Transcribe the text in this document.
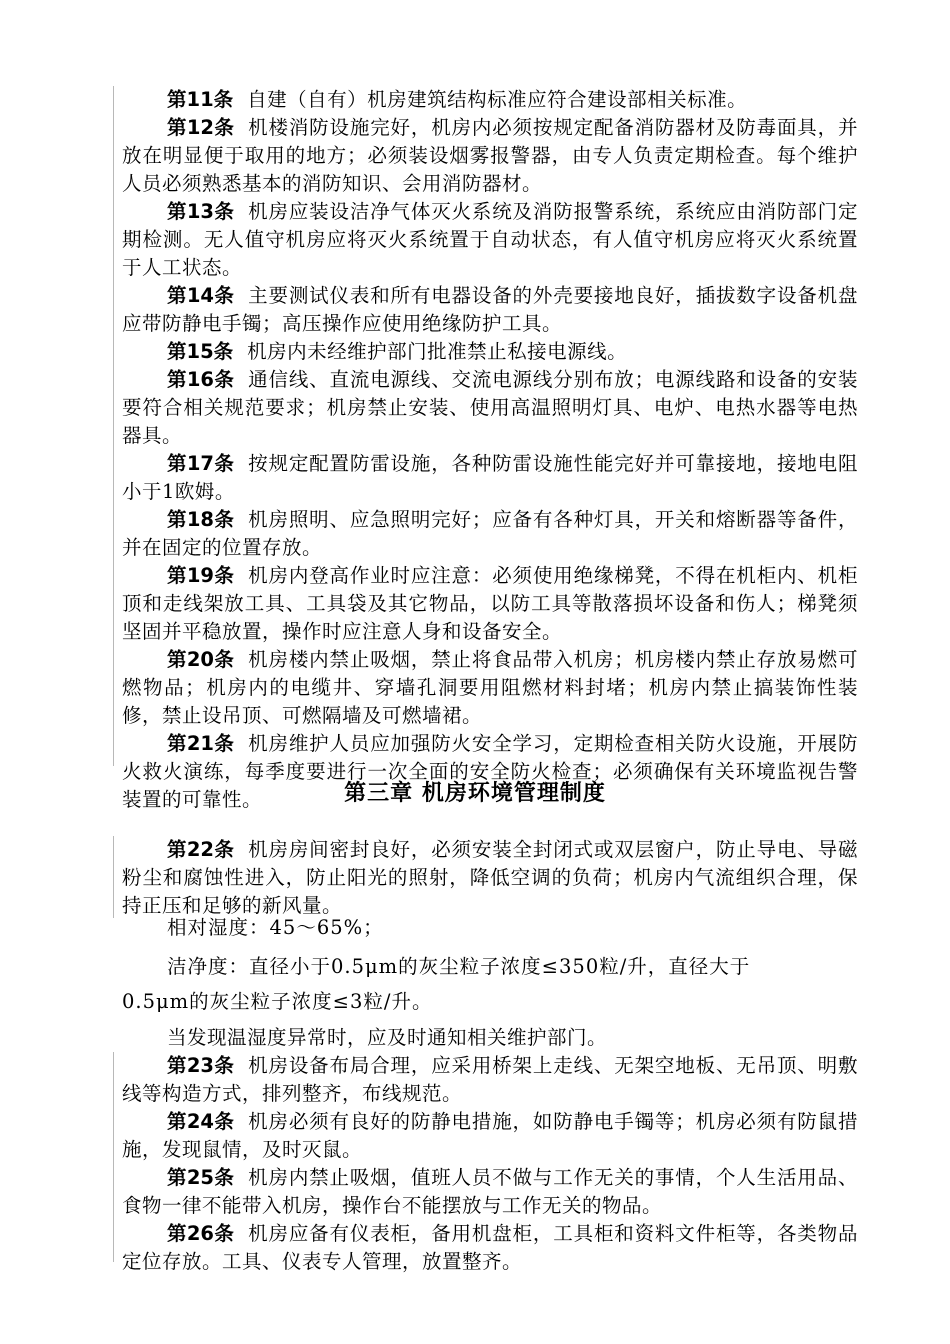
第11条 自建（自有）机房建筑结构标准应符合建设部相关标准。

第12条 机楼消防设施完好，机房内必须按规定配备消防器材及防毒面具，并放在明显便于取用的地方；必须装设烟雾报警器，由专人负责定期检查。每个维护人员必须熟悉基本的消防知识、会用消防器材。

第13条 机房应装设洁净气体灭火系统及消防报警系统，系统应由消防部门定期检测。无人值守机房应将灭火系统置于自动状态，有人值守机房应将灭火系统置于人工状态。

第14条 主要测试仪表和所有电器设备的外壳要接地良好，插拔数字设备机盘应带防静电手镯；高压操作应使用绝缘防护工具。

第15条 机房内未经维护部门批准禁止私接电源线。

第16条 通信线、直流电源线、交流电源线分别布放；电源线路和设备的安装要符合相关规范要求；机房禁止安装、使用高温照明灯具、电炉、电热水器等电热器具。

第17条 按规定配置防雷设施，各种防雷设施性能完好并可靠接地，接地电阻小于1欧姆。

第18条 机房照明、应急照明完好；应备有各种灯具，开关和熔断器等备件，并在固定的位置存放。

第19条 机房内登高作业时应注意：必须使用绝缘梯凳，不得在机柜内、机柜顶和走线架放工具、工具袋及其它物品，以防工具等散落损坏设备和伤人；梯凳须坚固并平稳放置，操作时应注意人身和设备安全。

第20条 机房楼内禁止吸烟，禁止将食品带入机房；机房楼内禁止存放易燃可燃物品；机房内的电缆井、穿墙孔洞要用阻燃材料封堵；机房内禁止搞装饰性装修，禁止设吊顶、可燃隔墙及可燃墙裙。

第21条 机房维护人员应加强防火安全学习，定期检查相关防火设施，开展防火救火演练，每季度要进行一次全面的安全防火检查；必须确保有关环境监视告警装置的可靠性。	第三章 机房环境管理制度

第22条 机房房间密封良好，必须安装全封闭式或双层窗户，防止导电、导磁粉尘和腐蚀性进入，防止阳光的照射，降低空调的负荷；机房内气流组织合理，保持正压和足够的新风量。

相对湿度：45～65%；

洁净度：直径小于0.5μm的灰尘粒子浓度≤350粒/升，直径大于

0.5μm的灰尘粒子浓度≤3粒/升。

当发现温湿度异常时，应及时通知相关维护部门。

第23条 机房设备布局合理，应采用桥架上走线、无架空地板、无吊顶、明敷线等构造方式，排列整齐，布线规范。

第24条 机房必须有良好的防静电措施，如防静电手镯等；机房必须有防鼠措施，发现鼠情，及时灭鼠。

第25条 机房内禁止吸烟，值班人员不做与工作无关的事情，个人生活用品、食物一律不能带入机房，操作台不能摆放与工作无关的物品。

第26条 机房应备有仪表柜，备用机盘柜，工具柜和资料文件柜等，各类物品定位存放。工具、仪表专人管理，放置整齐。
